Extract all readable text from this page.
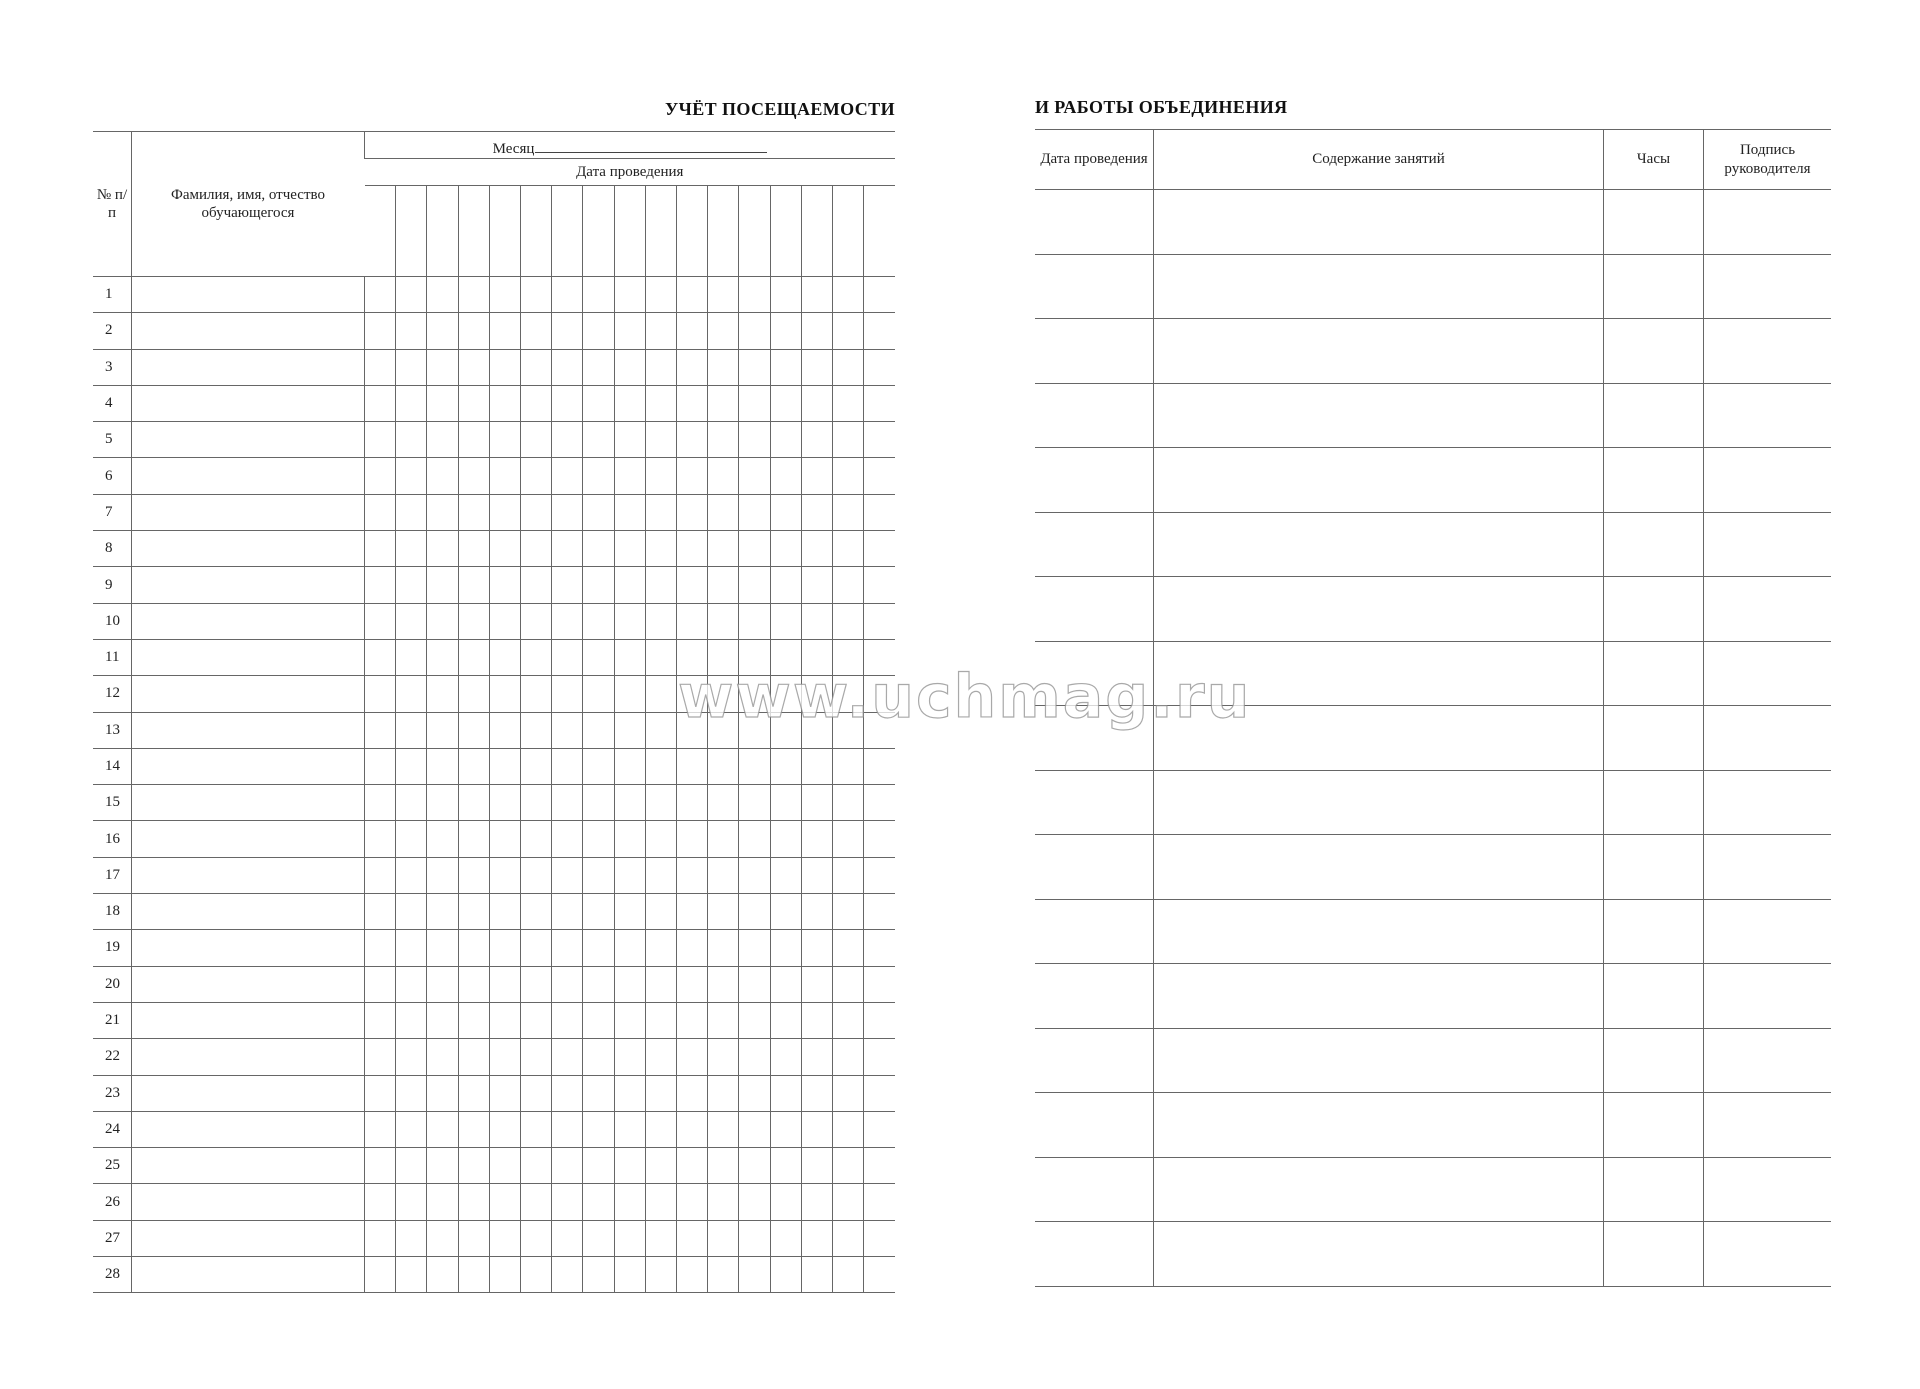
УЧЁТ ПОСЕЩАЕМОСТИ
№ п/п	Фамилия, имя, отчество обучающегося	Месяц																
		Дата проведения																

1																		
2																		
3																		
4																		
5																		
6																		
7																		
8																		
9																		
10																		
11																		
12																		
13																		
14																		
15																		
16																		
17																		
18																		
19																		
20																		
21																		
22																		
23																		
24																		
25																		
26																		
27																		
28																		
И РАБОТЫ ОБЪЕДИНЕНИЯ
Дата проведения	Содержание занятий	Часы	Подпись руководителя

www.uchmag.ru
